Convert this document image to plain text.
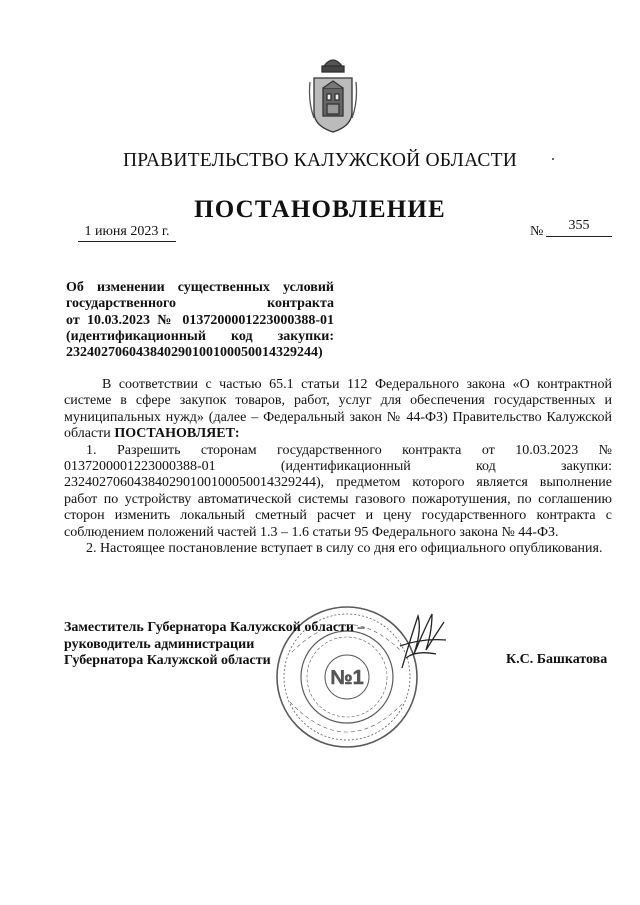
ПРАВИТЕЛЬСТВО КАЛУЖСКОЙ ОБЛАСТИ
ПОСТАНОВЛЕНИЕ
1 июня 2023 г.	№	355
Об изменении существенных условий
государственного контракта
от 10.03.2023 № 0137200001223000388-01
(идентификационный код закупки:
232402706043840290100100050014329244)

В соответствии с частью 65.1 статьи 112 Федерального закона «О контрактной системе в сфере закупок товаров, работ, услуг для обеспечения государственных и муниципальных нужд» (далее – Федеральный закон № 44-ФЗ) Правительство Калужской области ПОСТАНОВЛЯЕТ:

1. Разрешить сторонам государственного контракта от 10.03.2023 № 0137200001223000388-01 (идентификационный код закупки: 232402706043840290100100050014329244), предметом которого является выполнение работ по устройству автоматической системы газового пожаротушения, по соглашению сторон изменить локальный сметный расчет и цену государственного контракта с соблюдением положений частей 1.3 – 1.6 статьи 95 Федерального закона № 44-ФЗ.

2. Настоящее постановление вступает в силу со дня его официального опубликования.

№1
Заместитель Губернатора Калужской области –
руководитель администрации
Губернатора Калужской области	К.С. Башкатова
